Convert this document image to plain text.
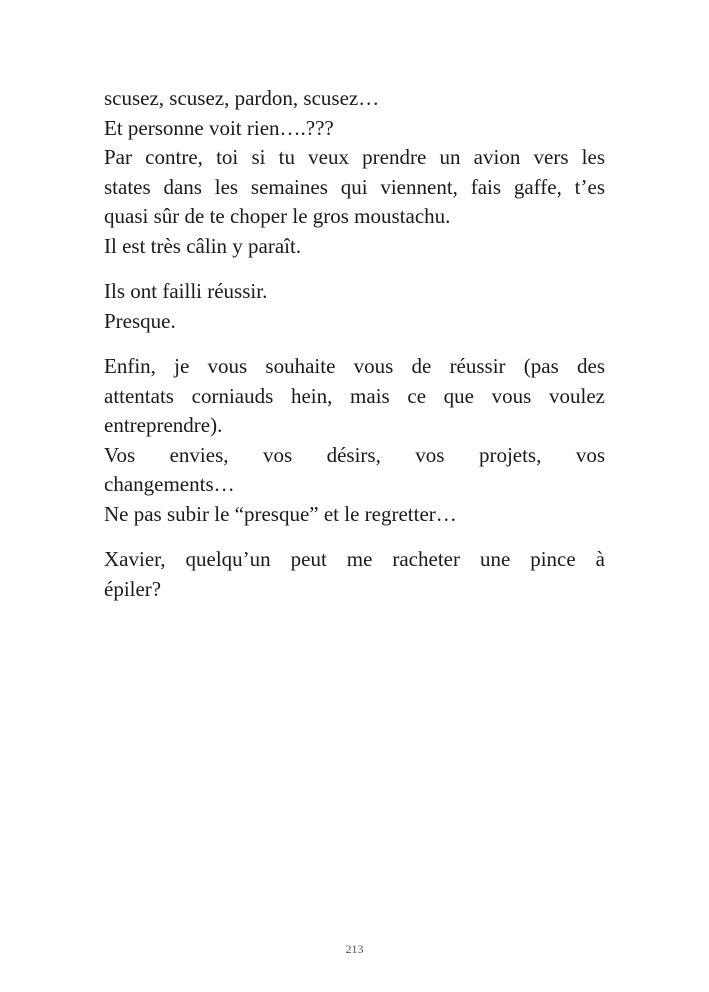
scusez, scusez, pardon, scusez…
Et personne voit rien….???
Par contre, toi si tu veux prendre un avion vers les
states dans les semaines qui viennent, fais gaffe, t’es
quasi sûr de te choper le gros moustachu.
Il est très câlin y paraît.

Ils ont failli réussir.
Presque.

Enfin, je vous souhaite vous de réussir (pas des
attentats corniauds hein, mais ce que vous voulez
entreprendre).
Vos envies, vos désirs, vos projets, vos
changements…
Ne pas subir le “presque” et le regretter…

Xavier, quelqu’un peut me racheter une pince à
épiler?

213
